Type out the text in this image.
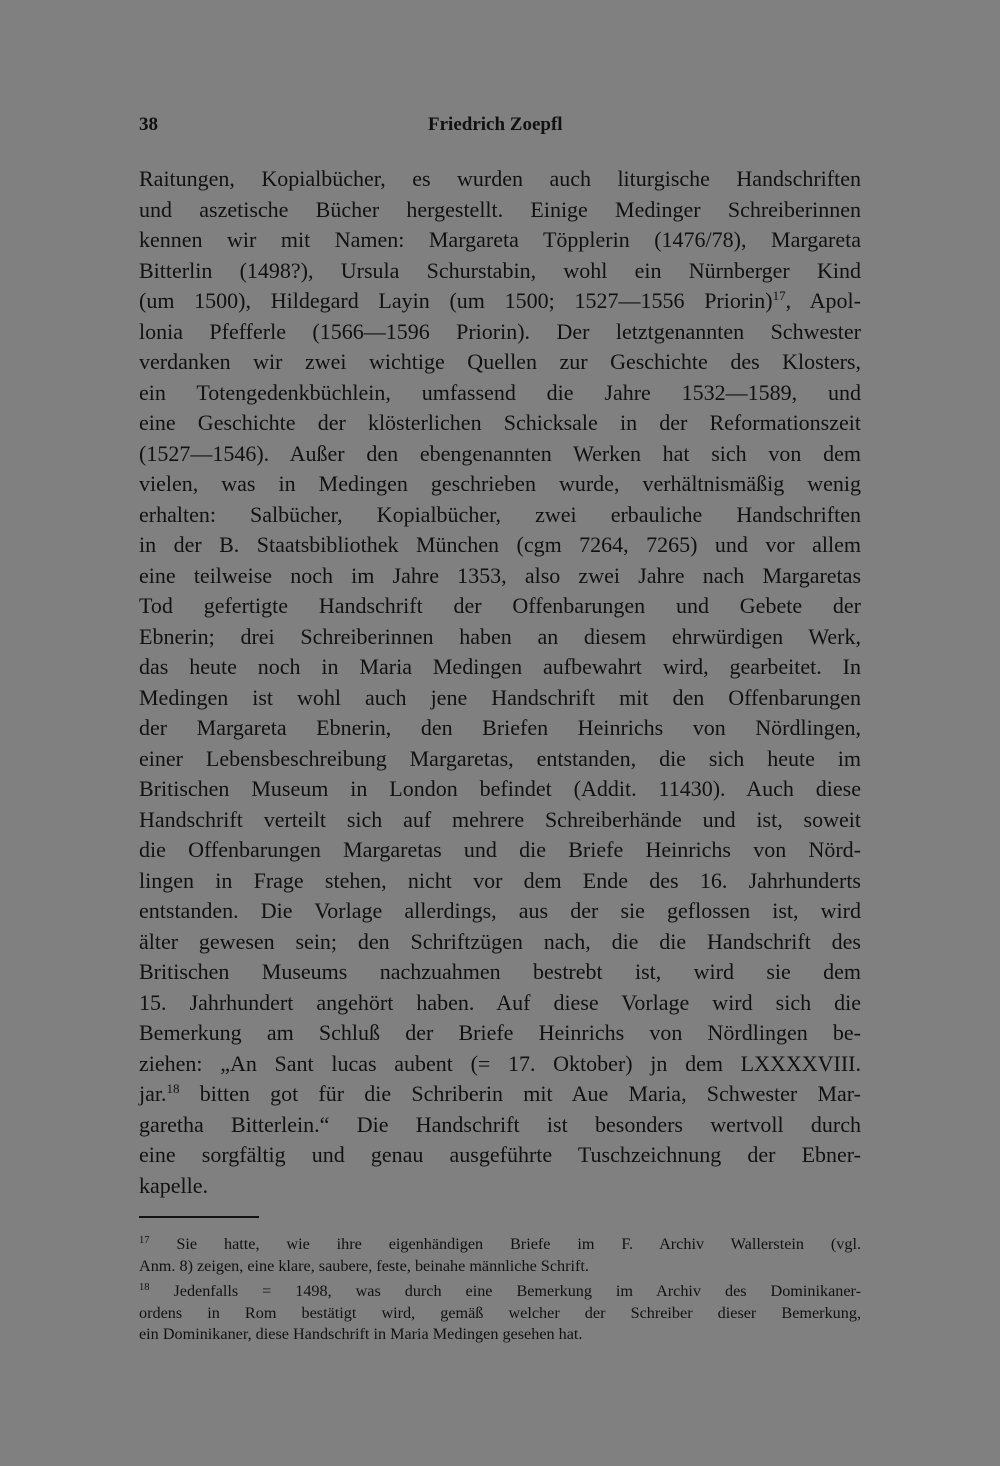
38	Friedrich Zoepfl
Raitungen, Kopialbücher, es wurden auch liturgische Handschriften
und aszetische Bücher hergestellt. Einige Medinger Schreiberinnen
kennen wir mit Namen: Margareta Töpplerin (1476/78), Margareta
Bitterlin (1498?), Ursula Schurstabin, wohl ein Nürnberger Kind
(um 1500), Hildegard Layin (um 1500; 1527—1556 Priorin)$^{17}$, Apol-
lonia Pfefferle (1566—1596 Priorin). Der letztgenannten Schwester
verdanken wir zwei wichtige Quellen zur Geschichte des Klosters,
ein Totengedenkbüchlein, umfassend die Jahre 1532—1589, und
eine Geschichte der klösterlichen Schicksale in der Reformationszeit
(1527—1546). Außer den ebengenannten Werken hat sich von dem
vielen, was in Medingen geschrieben wurde, verhältnismäßig wenig
erhalten: Salbücher, Kopialbücher, zwei erbauliche Handschriften
in der B. Staatsbibliothek München (cgm 7264, 7265) und vor allem
eine teilweise noch im Jahre 1353, also zwei Jahre nach Margaretas
Tod gefertigte Handschrift der Offenbarungen und Gebete der
Ebnerin; drei Schreiberinnen haben an diesem ehrwürdigen Werk,
das heute noch in Maria Medingen aufbewahrt wird, gearbeitet. In
Medingen ist wohl auch jene Handschrift mit den Offenbarungen
der Margareta Ebnerin, den Briefen Heinrichs von Nördlingen,
einer Lebensbeschreibung Margaretas, entstanden, die sich heute im
Britischen Museum in London befindet (Addit. 11430). Auch diese
Handschrift verteilt sich auf mehrere Schreiberhände und ist, soweit
die Offenbarungen Margaretas und die Briefe Heinrichs von Nörd-
lingen in Frage stehen, nicht vor dem Ende des 16. Jahrhunderts
entstanden. Die Vorlage allerdings, aus der sie geflossen ist, wird
älter gewesen sein; den Schriftzügen nach, die die Handschrift des
Britischen Museums nachzuahmen bestrebt ist, wird sie dem
15. Jahrhundert angehört haben. Auf diese Vorlage wird sich die
Bemerkung am Schluß der Briefe Heinrichs von Nördlingen be-
ziehen: „An Sant lucas aubent (= 17. Oktober) jn dem LXXXXVIII.
jar.$^{18}$ bitten got für die Schriberin mit Aue Maria, Schwester Mar-
garetha Bitterlein.“ Die Handschrift ist besonders wertvoll durch
eine sorgfältig und genau ausgeführte Tuschzeichnung der Ebner-
kapelle.
$^{17}$ Sie hatte, wie ihre eigenhändigen Briefe im F. Archiv Wallerstein (vgl.
Anm. 8) zeigen, eine klare, saubere, feste, beinahe männliche Schrift.
$^{18}$ Jedenfalls = 1498, was durch eine Bemerkung im Archiv des Dominikaner-
ordens in Rom bestätigt wird, gemäß welcher der Schreiber dieser Bemerkung,
ein Dominikaner, diese Handschrift in Maria Medingen gesehen hat.
